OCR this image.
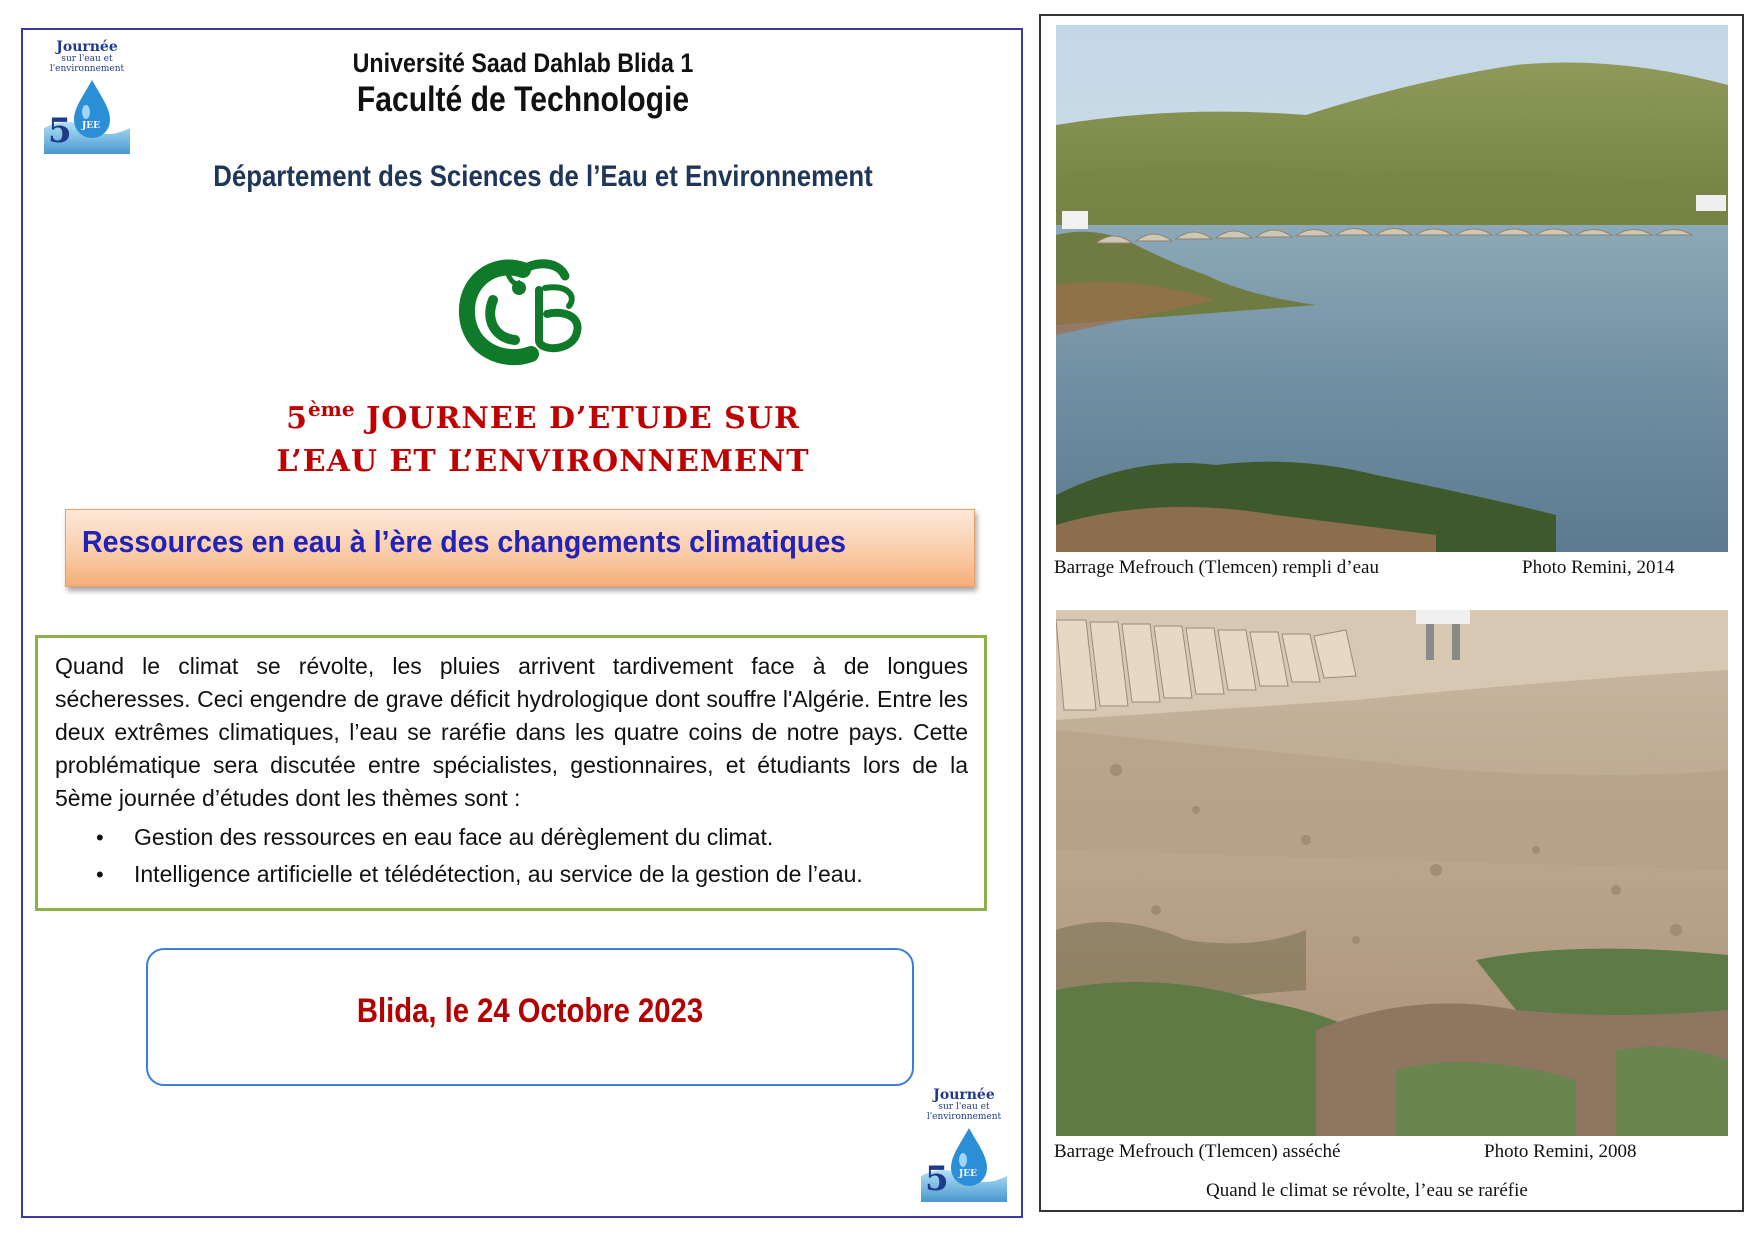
Journée
sur l'eau et l'environnement
5 JEE
Université Saad Dahlab Blida 1
Faculté de Technologie
Département des Sciences de l’Eau et Environnement
5ème JOURNEE D’ETUDE SUR
L’EAU ET L’ENVIRONNEMENT
Ressources en eau à l’ère des changements climatiques
Quand le climat se révolte, les pluies arrivent tardivement face à de longues sécheresses. Ceci engendre de grave déficit hydrologique dont souffre l'Algérie. Entre les deux extrêmes climatiques, l’eau se raréfie dans les quatre coins de notre pays. Cette problématique sera discutée entre spécialistes, gestionnaires, et étudiants lors de la 5ème journée d’études dont les thèmes sont :
• Gestion des ressources en eau face au dérèglement du climat.
• Intelligence artificielle et télédétection, au service de la gestion de l’eau.
Blida, le 24 Octobre 2023
Journée
sur l'eau et l'environnement
5 JEE
Barrage Mefrouch (Tlemcen) rempli d’eau	Photo Remini, 2014
Barrage Mefrouch (Tlemcen) asséché	Photo Remini, 2008
Quand le climat se révolte, l’eau se raréfie
